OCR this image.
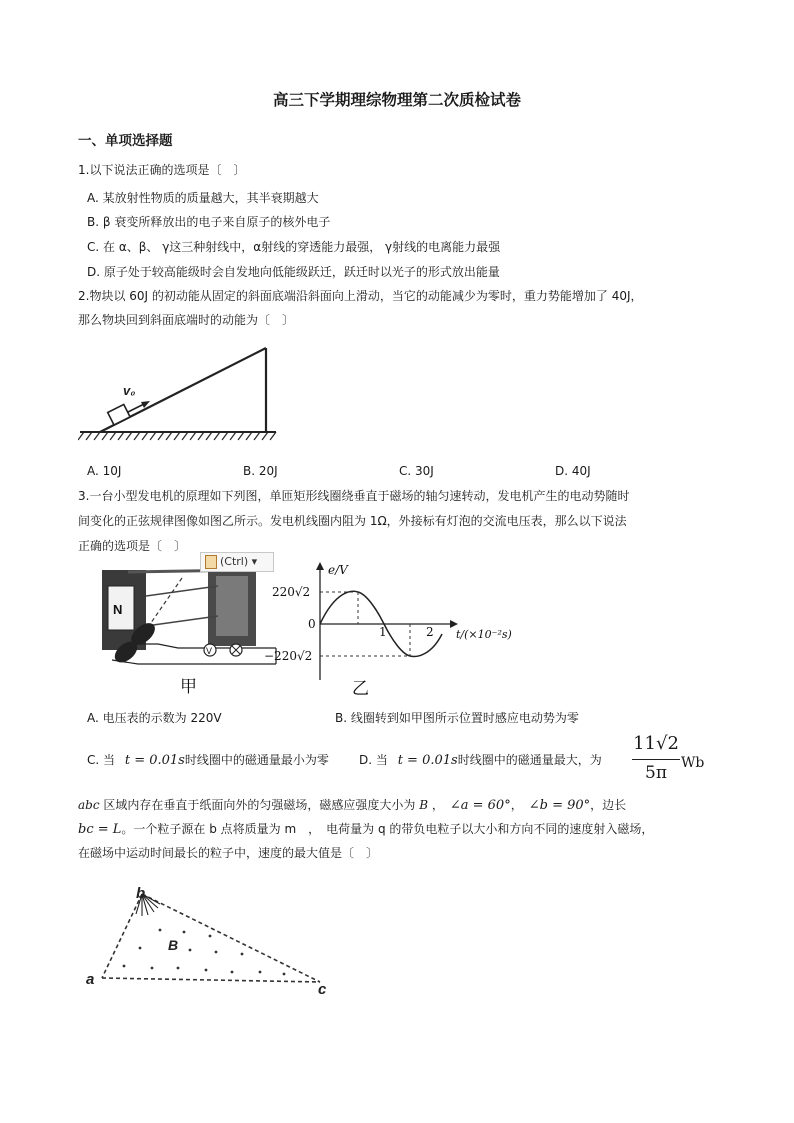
高三下学期理综物理第二次质检试卷
一、单项选择题
1.以下说法正确的选项是〔　〕
A. 某放射性物质的质量越大，其半衰期越大
B. β 衰变所释放出的电子来自原子的核外电子
C. 在 α、β、 γ这三种射线中，α射线的穿透能力最强， γ射线的电离能力最强
D. 原子处于较高能级时会自发地向低能级跃迁，跃迁时以光子的形式放出能量
2.物块以 60J 的初动能从固定的斜面底端沿斜面向上滑动，当它的动能减少为零时，重力势能增加了 40J，
那么物块回到斜面底端时的动能为〔　〕
v₀
A. 10J	B. 20J	C. 30J	D. 40J
3.一台小型发电机的原理如下列图，单匝矩形线圈绕垂直于磁场的轴匀速转动，发电机产生的电动势随时
间变化的正弦规律图像如图乙所示。发电机线圈内阻为 1Ω，外接标有灯泡的交流电压表，那么以下说法
正确的选项是〔　〕
N
V
甲
(Ctrl) ▾
e/V
220√2
0
−220√2
1	2 t/(×10⁻²s)
乙
A. 电压表的示数为 220V	B. 线圈转到如甲图所示位置时感应电动势为零
C. 当 t = 0.01s时线圈中的磁通量最小为零	D. 当 t = 0.01s时线圈中的磁通量最大，为
11√2
5π	Wb
abc 区域内存在垂直于纸面向外的匀强磁场，磁感应强度大小为 B ，　∠a = 60°，　∠b = 90°，边长
bc = L。一个粒子源在 b 点将质量为 m　，　电荷量为 q 的带负电粒子以大小和方向不同的速度射入磁场，
在磁场中运动时间最长的粒子中，速度的最大值是〔　〕
b
a
c
B
